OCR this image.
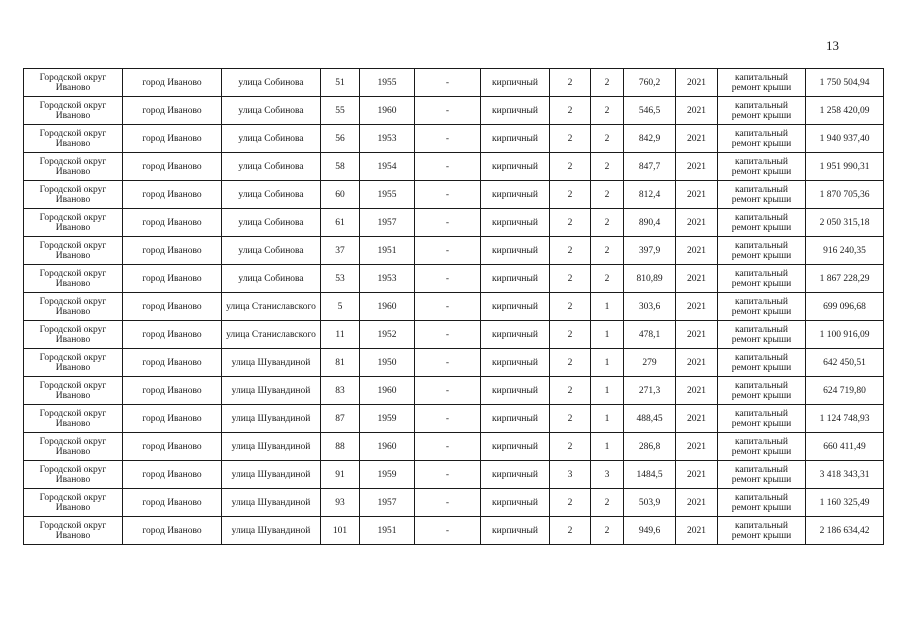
13
Городской округ Иваново	город Иваново	улица Собинова	51	1955	-	кирпичный	2	2	760,2	2021	капитальный ремонт крыши	1 750 504,94
Городской округ Иваново	город Иваново	улица Собинова	55	1960	-	кирпичный	2	2	546,5	2021	капитальный ремонт крыши	1 258 420,09
Городской округ Иваново	город Иваново	улица Собинова	56	1953	-	кирпичный	2	2	842,9	2021	капитальный ремонт крыши	1 940 937,40
Городской округ Иваново	город Иваново	улица Собинова	58	1954	-	кирпичный	2	2	847,7	2021	капитальный ремонт крыши	1 951 990,31
Городской округ Иваново	город Иваново	улица Собинова	60	1955	-	кирпичный	2	2	812,4	2021	капитальный ремонт крыши	1 870 705,36
Городской округ Иваново	город Иваново	улица Собинова	61	1957	-	кирпичный	2	2	890,4	2021	капитальный ремонт крыши	2 050 315,18
Городской округ Иваново	город Иваново	улица Собинова	37	1951	-	кирпичный	2	2	397,9	2021	капитальный ремонт крыши	916 240,35
Городской округ Иваново	город Иваново	улица Собинова	53	1953	-	кирпичный	2	2	810,89	2021	капитальный ремонт крыши	1 867 228,29
Городской округ Иваново	город Иваново	улица Станиславского	5	1960	-	кирпичный	2	1	303,6	2021	капитальный ремонт крыши	699 096,68
Городской округ Иваново	город Иваново	улица Станиславского	11	1952	-	кирпичный	2	1	478,1	2021	капитальный ремонт крыши	1 100 916,09
Городской округ Иваново	город Иваново	улица Шувандиной	81	1950	-	кирпичный	2	1	279	2021	капитальный ремонт крыши	642 450,51
Городской округ Иваново	город Иваново	улица Шувандиной	83	1960	-	кирпичный	2	1	271,3	2021	капитальный ремонт крыши	624 719,80
Городской округ Иваново	город Иваново	улица Шувандиной	87	1959	-	кирпичный	2	1	488,45	2021	капитальный ремонт крыши	1 124 748,93
Городской округ Иваново	город Иваново	улица Шувандиной	88	1960	-	кирпичный	2	1	286,8	2021	капитальный ремонт крыши	660 411,49
Городской округ Иваново	город Иваново	улица Шувандиной	91	1959	-	кирпичный	3	3	1484,5	2021	капитальный ремонт крыши	3 418 343,31
Городской округ Иваново	город Иваново	улица Шувандиной	93	1957	-	кирпичный	2	2	503,9	2021	капитальный ремонт крыши	1 160 325,49
Городской округ Иваново	город Иваново	улица Шувандиной	101	1951	-	кирпичный	2	2	949,6	2021	капитальный ремонт крыши	2 186 634,42
